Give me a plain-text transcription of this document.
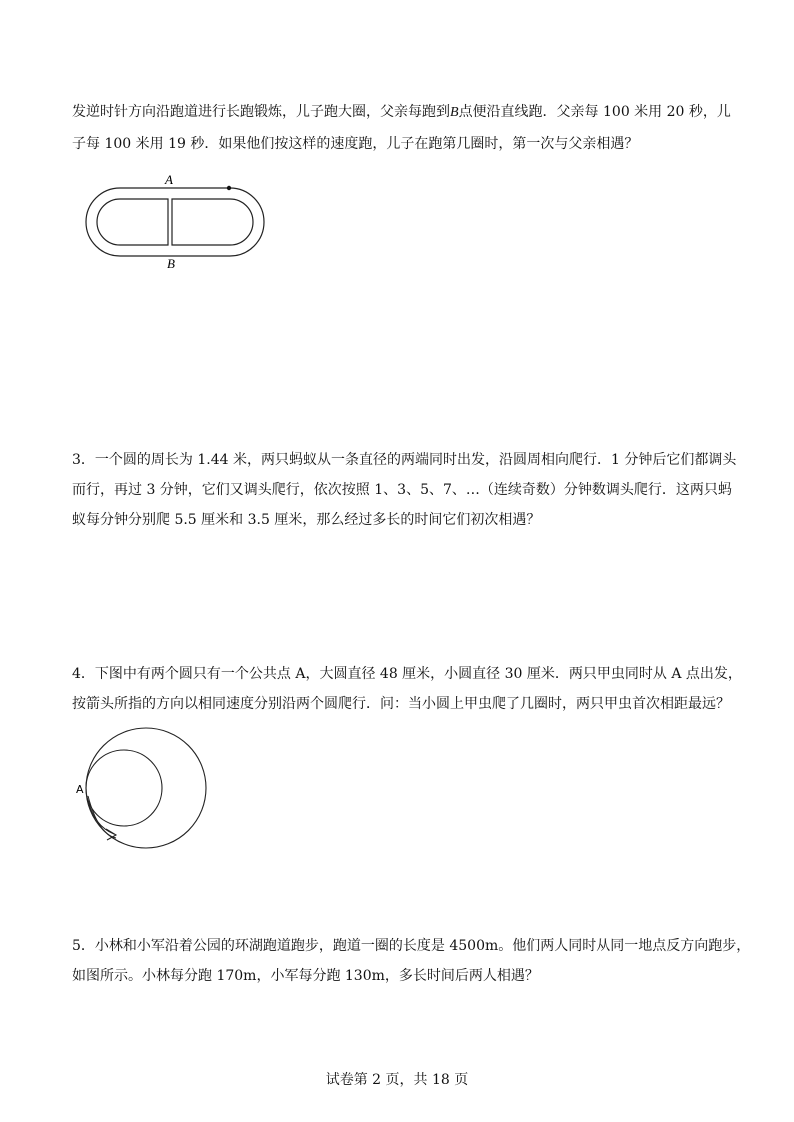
发逆时针方向沿跑道进行长跑锻炼，儿子跑大圈，父亲每跑到B点便沿直线跑．父亲每 100 米用 20 秒，儿
子每 100 米用 19 秒．如果他们按这样的速度跑，儿子在跑第几圈时，第一次与父亲相遇？
A
B
3．一个圆的周长为 1.44 米，两只蚂蚁从一条直径的两端同时出发，沿圆周相向爬行．1 分钟后它们都调头
而行，再过 3 分钟，它们又调头爬行，依次按照 1、3、5、7、…（连续奇数）分钟数调头爬行．这两只蚂
蚁每分钟分别爬 5.5 厘米和 3.5 厘米，那么经过多长的时间它们初次相遇？
4．下图中有两个圆只有一个公共点 A，大圆直径 48 厘米，小圆直径 30 厘米．两只甲虫同时从 A 点出发，
按箭头所指的方向以相同速度分别沿两个圆爬行．问：当小圆上甲虫爬了几圈时，两只甲虫首次相距最远？
A
5．小林和小军沿着公园的环湖跑道跑步，跑道一圈的长度是 4500m。他们两人同时从同一地点反方向跑步，
如图所示。小林每分跑 170m，小军每分跑 130m，多长时间后两人相遇？
试卷第 2 页，共 18 页
